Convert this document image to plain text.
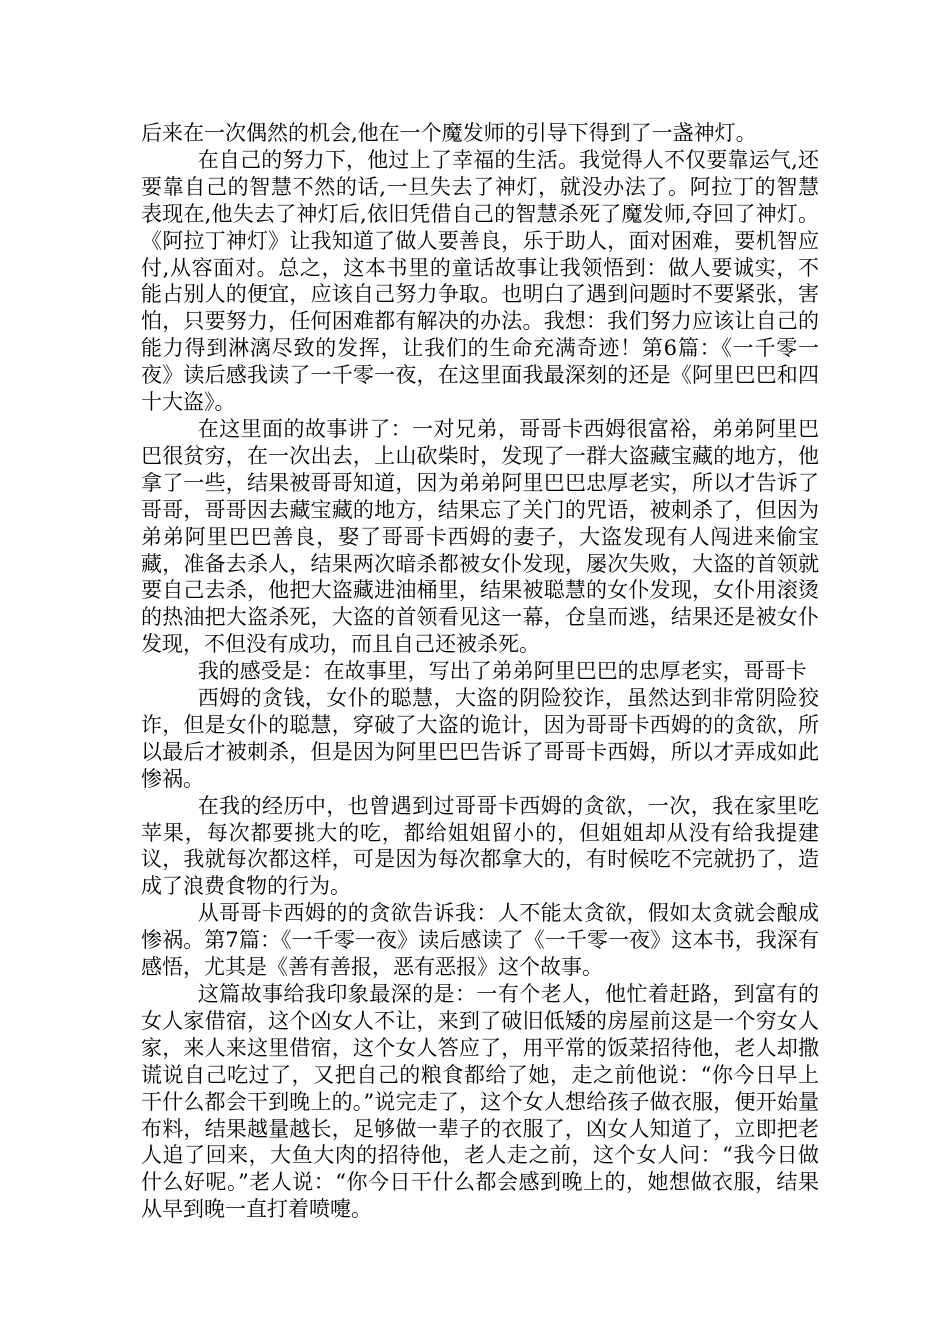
后来在一次偶然的机会,他在一个魔发师的引导下得到了一盏神灯。

在自己的努力下，他过上了幸福的生活。我觉得人不仅要靠运气,还要靠自己的智慧不然的话,一旦失去了神灯，就没办法了。阿拉丁的智慧表现在,他失去了神灯后,依旧凭借自己的智慧杀死了魔发师,夺回了神灯。《阿拉丁神灯》让我知道了做人要善良，乐于助人，面对困难，要机智应付,从容面对。总之，这本书里的童话故事让我领悟到：做人要诚实，不能占别人的便宜，应该自己努力争取。也明白了遇到问题时不要紧张，害怕，只要努力，任何困难都有解决的办法。我想：我们努力应该让自己的能力得到淋漓尽致的发挥，让我们的生命充满奇迹！第6篇：《一千零一夜》读后感我读了一千零一夜，在这里面我最深刻的还是《阿里巴巴和四十大盗》。

在这里面的故事讲了：一对兄弟，哥哥卡西姆很富裕，弟弟阿里巴巴很贫穷，在一次出去，上山砍柴时，发现了一群大盗藏宝藏的地方，他拿了一些，结果被哥哥知道，因为弟弟阿里巴巴忠厚老实，所以才告诉了哥哥，哥哥因去藏宝藏的地方，结果忘了关门的咒语，被刺杀了，但因为弟弟阿里巴巴善良，娶了哥哥卡西姆的妻子，大盗发现有人闯进来偷宝藏，准备去杀人，结果两次暗杀都被女仆发现，屡次失败，大盗的首领就要自己去杀，他把大盗藏进油桶里，结果被聪慧的女仆发现，女仆用滚烫的热油把大盗杀死，大盗的首领看见这一幕，仓皇而逃，结果还是被女仆发现，不但没有成功，而且自己还被杀死。

我的感受是：在故事里，写出了弟弟阿里巴巴的忠厚老实，哥哥卡

西姆的贪钱，女仆的聪慧，大盗的阴险狡诈，虽然达到非常阴险狡诈，但是女仆的聪慧，穿破了大盗的诡计，因为哥哥卡西姆的的贪欲，所以最后才被刺杀，但是因为阿里巴巴告诉了哥哥卡西姆，所以才弄成如此惨祸。

在我的经历中，也曾遇到过哥哥卡西姆的贪欲，一次，我在家里吃苹果，每次都要挑大的吃，都给姐姐留小的，但姐姐却从没有给我提建议，我就每次都这样，可是因为每次都拿大的，有时候吃不完就扔了，造成了浪费食物的行为。

从哥哥卡西姆的的贪欲告诉我：人不能太贪欲，假如太贪就会酿成惨祸。第7篇：《一千零一夜》读后感读了《一千零一夜》这本书，我深有感悟，尤其是《善有善报，恶有恶报》这个故事。

这篇故事给我印象最深的是：一有个老人，他忙着赶路，到富有的女人家借宿，这个凶女人不让，来到了破旧低矮的房屋前这是一个穷女人家，来人来这里借宿，这个女人答应了，用平常的饭菜招待他，老人却撒谎说自己吃过了，又把自己的粮食都给了她，走之前他说：“你今日早上干什么都会干到晚上的。”说完走了，这个女人想给孩子做衣服，便开始量布料，结果越量越长，足够做一辈子的衣服了，凶女人知道了，立即把老人追了回来，大鱼大肉的招待他，老人走之前，这个女人问：“我今日做什么好呢。”老人说：“你今日干什么都会感到晚上的，她想做衣服，结果从早到晚一直打着喷嚏。
